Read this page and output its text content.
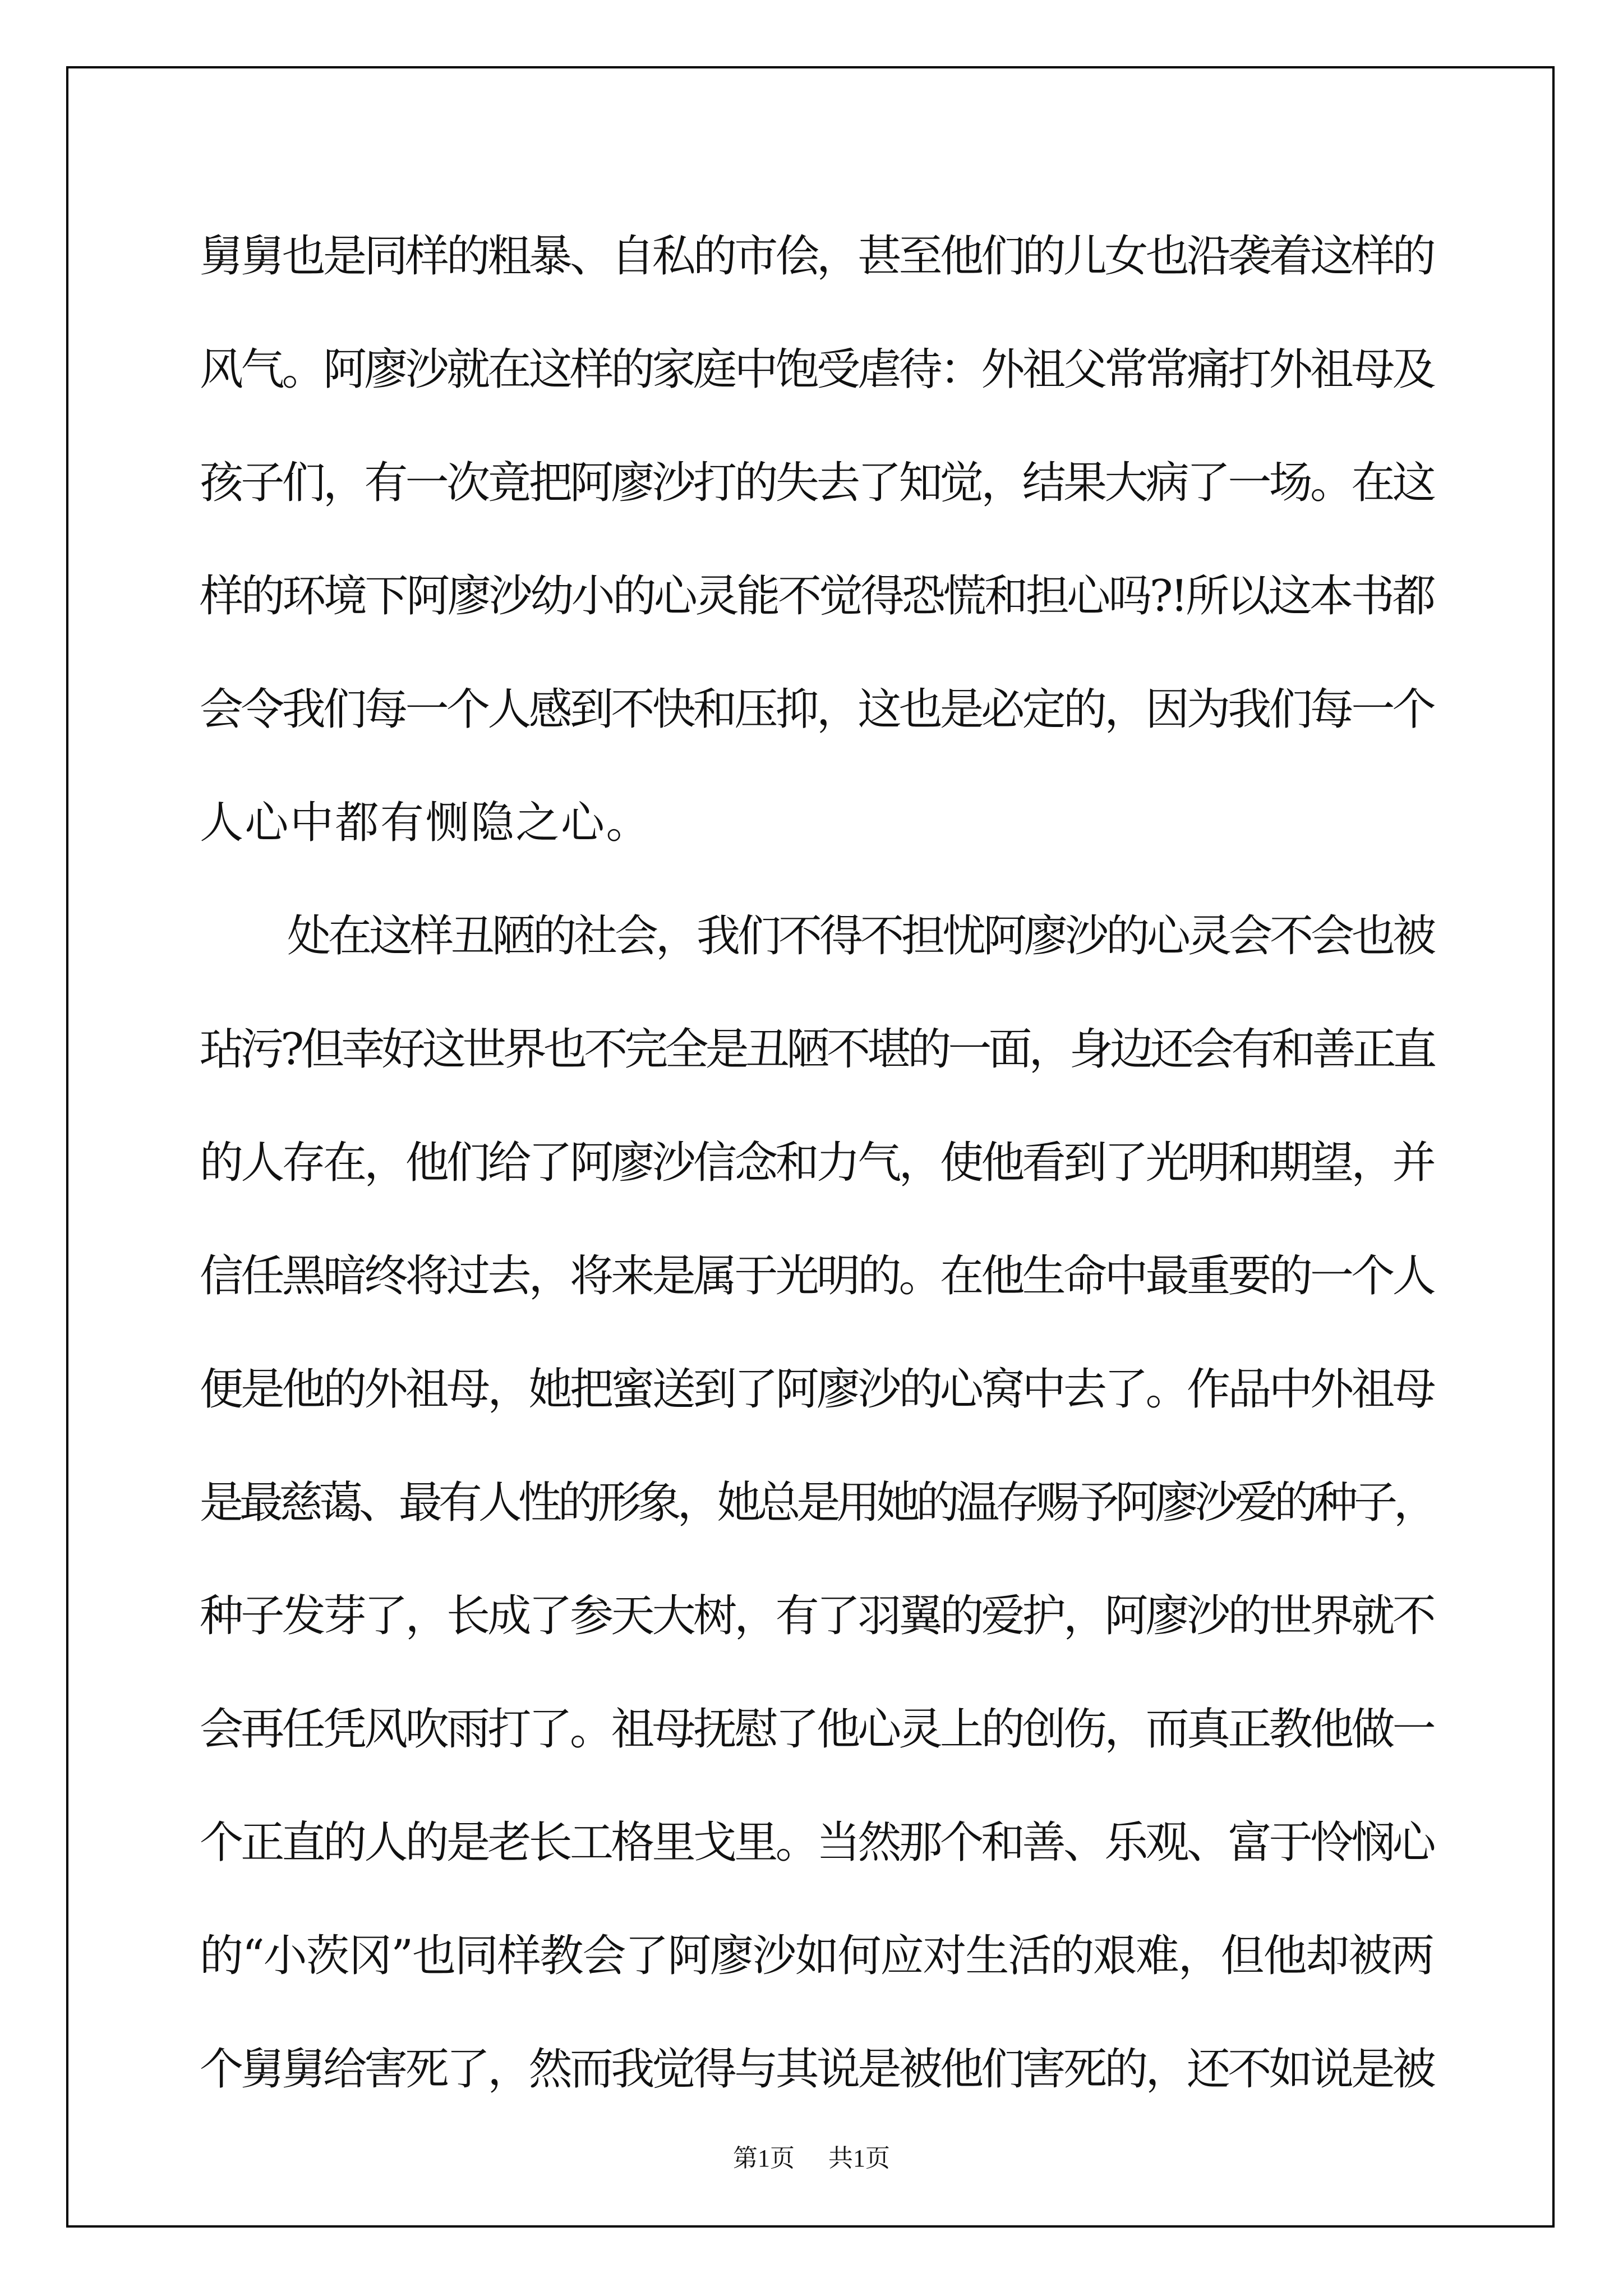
舅舅也是同样的粗暴、自私的市侩，甚至他们的儿女也沿袭着这样的
风气。阿廖沙就在这样的家庭中饱受虐待：外祖父常常痛打外祖母及
孩子们，有一次竟把阿廖沙打的失去了知觉，结果大病了一场。在这
样的环境下阿廖沙幼小的心灵能不觉得恐慌和担心吗?!所以这本书都
会令我们每一个人感到不快和压抑，这也是必定的，因为我们每一个
人心中都有恻隐之心。
处在这样丑陋的社会，我们不得不担忧阿廖沙的心灵会不会也被
玷污?但幸好这世界也不完全是丑陋不堪的一面，身边还会有和善正直
的人存在，他们给了阿廖沙信念和力气，使他看到了光明和期望，并
信任黑暗终将过去，将来是属于光明的。在他生命中最重要的一个人
便是他的外祖母，她把蜜送到了阿廖沙的心窝中去了。作品中外祖母
是最慈蔼、最有人性的形象，她总是用她的温存赐予阿廖沙爱的种子，
种子发芽了，长成了参天大树，有了羽翼的爱护，阿廖沙的世界就不
会再任凭风吹雨打了。祖母抚慰了他心灵上的创伤，而真正教他做一
个正直的人的是老长工格里戈里。当然那个和善、乐观、富于怜悯心
的“小茨冈”也同样教会了阿廖沙如何应对生活的艰难，但他却被两
个舅舅给害死了，然而我觉得与其说是被他们害死的，还不如说是被
第1页 共1页
